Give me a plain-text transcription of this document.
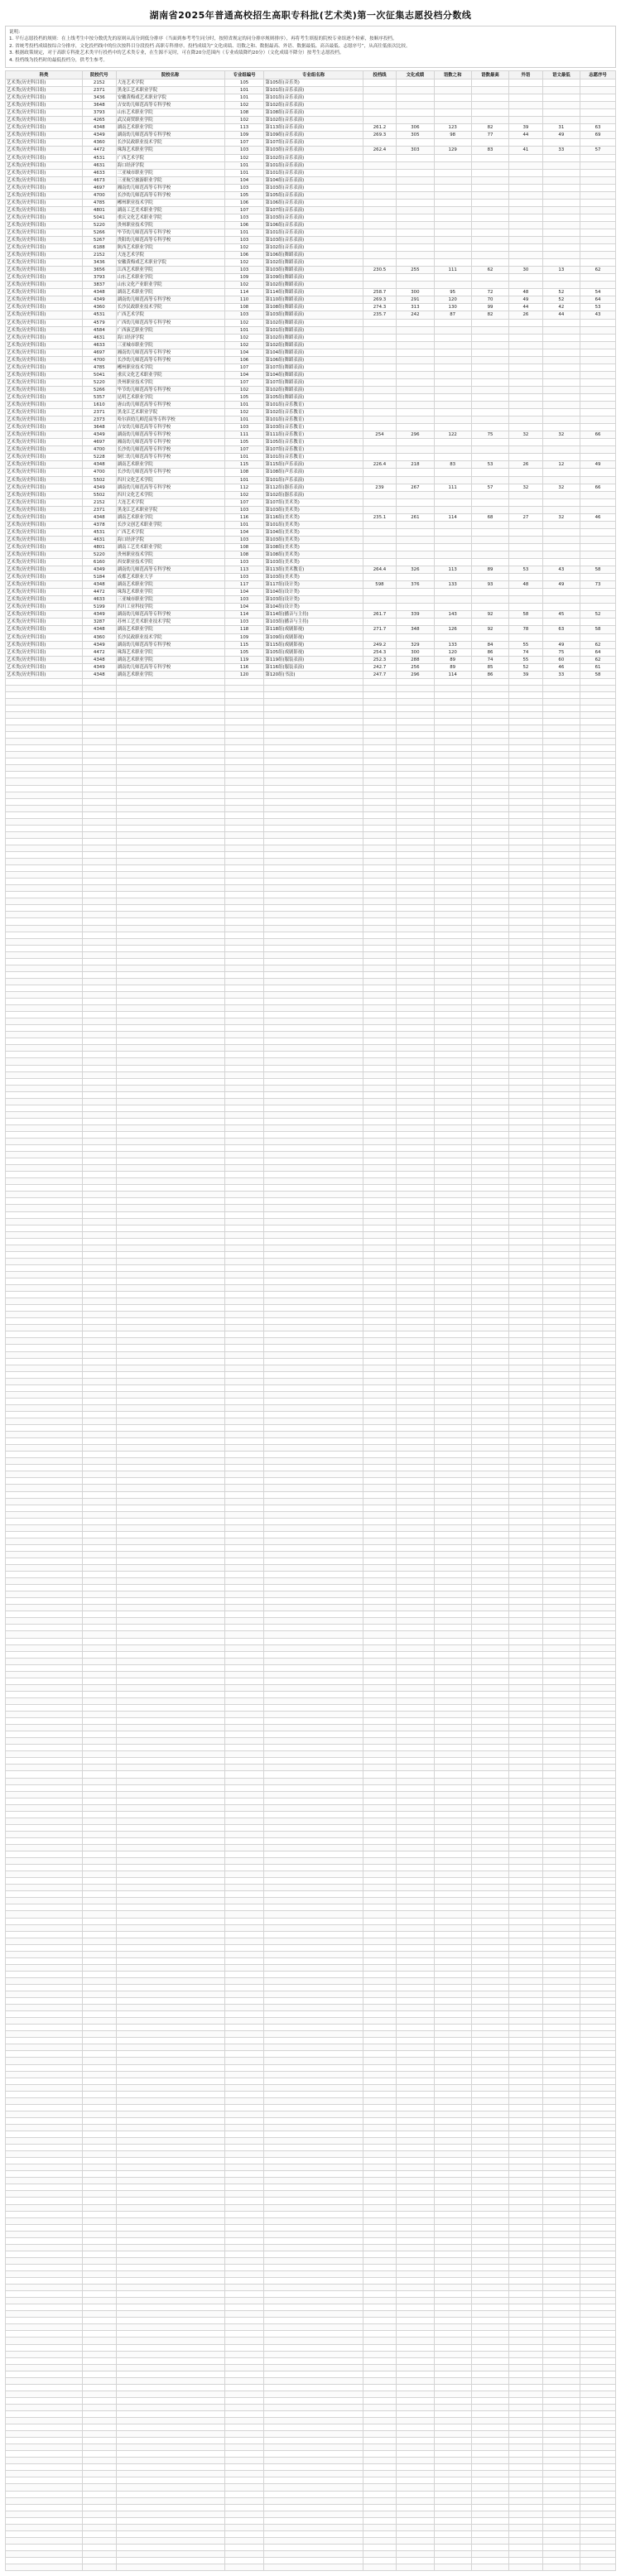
湖南省2025年普通高校招生高职专科批(艺术类)第一次征集志愿投档分数线

说明:

1. 平行志愿投档的规则：在上线考生中按分数优先的原则从高分到低分排序（当面到参考考生同分时，按照省规定的同分排序规则排序），再将考生填报的院校专业组逐个检索，按顺序投档。

2. 省统考投档成绩按综合分排序，文化投档线中的位次按科目分段投档 高职专科排序。投档成绩为“文化成绩、语数之和、数据最高、外语、数据最低、高音最低、志愿序号”，从高往低依次比较。

3. 根据政策规定，对于高职专科批艺术类平行投档中的艺术类专业，在生源不足时，可在降20分范围内（专业成绩降约20分）（文化成绩不降分）按考生志愿投档。

4. 投档线为投档时的最低投档分，供考生参考。

科类	院校代号	院校名称	专业组编号	专业组名称	投档线	文化成绩	语数之和	语数最高	外语	语文最低	志愿序号
艺术类(历史科目组)	2152	大连艺术学院	105	第105组(音乐类)							
艺术类(历史科目组)	2371	黑龙江艺术职业学院	101	第101组(音乐表演)							
艺术类(历史科目组)	3436	安徽黄梅戏艺术职业学院	101	第101组(音乐表演)							
艺术类(历史科目组)	3648	吉安幼儿师范高等专科学校	102	第102组(音乐表演)							
艺术类(历史科目组)	3793	山东艺术职业学院	108	第108组(音乐表演)							
艺术类(历史科目组)	4265	武汉商贸职业学院	102	第102组(音乐表演)							
艺术类(历史科目组)	4348	湖南艺术职业学院	113	第113组(音乐表演)	261.2	306	123	82	39	31	63
艺术类(历史科目组)	4349	湖南幼儿师范高等专科学校	109	第109组(音乐表演)	269.3	305	98	77	44	49	69
艺术类(历史科目组)	4360	长沙民政职业技术学院	107	第107组(音乐表演)							
艺术类(历史科目组)	4472	珠海艺术职业学院	103	第103组(音乐表演)	262.4	303	129	83	41	33	57
艺术类(历史科目组)	4531	广西艺术学院	102	第102组(音乐表演)							
艺术类(历史科目组)	4631	海口经济学院	101	第101组(音乐表演)							
艺术类(历史科目组)	4633	三亚城市职业学院	101	第101组(音乐表演)							
艺术类(历史科目组)	4673	三亚航空旅游职业学院	104	第104组(音乐表演)							
艺术类(历史科目组)	4697	湘南幼儿师范高等专科学校	103	第103组(音乐表演)							
艺术类(历史科目组)	4700	长沙幼儿师范高等专科学校	105	第105组(音乐表演)							
艺术类(历史科目组)	4785	郴州职业技术学院	106	第106组(音乐表演)							
艺术类(历史科目组)	4801	湖南工艺美术职业学院	107	第107组(音乐表演)							
艺术类(历史科目组)	5041	重庆文化艺术职业学院	103	第103组(音乐表演)							
艺术类(历史科目组)	5220	贵州职业技术学院	106	第106组(音乐表演)							
艺术类(历史科目组)	5266	毕节幼儿师范高等专科学校	101	第101组(音乐表演)							
艺术类(历史科目组)	5267	贵阳幼儿师范高等专科学校	103	第103组(音乐表演)							
艺术类(历史科目组)	6188	陕西艺术职业学院	102	第102组(音乐表演)							
艺术类(历史科目组)	2152	大连艺术学院	106	第106组(舞蹈表演)							
艺术类(历史科目组)	3436	安徽黄梅戏艺术职业学院	102	第102组(舞蹈表演)							
艺术类(历史科目组)	3656	江西艺术职业学院	103	第103组(舞蹈表演)	230.5	255	111	62	30	13	62
艺术类(历史科目组)	3793	山东艺术职业学院	109	第109组(舞蹈表演)							
艺术类(历史科目组)	3837	山东文化产业职业学院	102	第102组(舞蹈表演)							
艺术类(历史科目组)	4348	湖南艺术职业学院	114	第114组(舞蹈表演)	258.7	300	95	72	48	52	54
艺术类(历史科目组)	4349	湖南幼儿师范高等专科学校	110	第110组(舞蹈表演)	269.3	291	120	70	49	52	64
艺术类(历史科目组)	4360	长沙民政职业技术学院	108	第108组(舞蹈表演)	274.3	313	130	99	44	42	53
艺术类(历史科目组)	4531	广西艺术学院	103	第103组(舞蹈表演)	235.7	242	87	82	26	44	43
艺术类(历史科目组)	4579	广西幼儿师范高等专科学校	102	第102组(舞蹈表演)							
艺术类(历史科目组)	4584	广西演艺职业学院	101	第101组(舞蹈表演)							
艺术类(历史科目组)	4631	海口经济学院	102	第102组(舞蹈表演)							
艺术类(历史科目组)	4633	三亚城市职业学院	102	第102组(舞蹈表演)							
艺术类(历史科目组)	4697	湘南幼儿师范高等专科学校	104	第104组(舞蹈表演)							
艺术类(历史科目组)	4700	长沙幼儿师范高等专科学校	106	第106组(舞蹈表演)							
艺术类(历史科目组)	4785	郴州职业技术学院	107	第107组(舞蹈表演)							
艺术类(历史科目组)	5041	重庆文化艺术职业学院	104	第104组(舞蹈表演)							
艺术类(历史科目组)	5220	贵州职业技术学院	107	第107组(舞蹈表演)							
艺术类(历史科目组)	5266	毕节幼儿师范高等专科学校	102	第102组(舞蹈表演)							
艺术类(历史科目组)	5357	昆明艺术职业学院	105	第105组(舞蹈表演)							
艺术类(历史科目组)	1610	唐山幼儿师范高等专科学校	101	第101组(音乐教育)							
艺术类(历史科目组)	2371	黑龙江艺术职业学院	102	第102组(音乐教育)							
艺术类(历史科目组)	2373	哈尔滨幼儿师范高等专科学校	101	第101组(音乐教育)							
艺术类(历史科目组)	3648	吉安幼儿师范高等专科学校	103	第103组(音乐教育)							
艺术类(历史科目组)	4349	湖南幼儿师范高等专科学校	111	第111组(音乐教育)	254	296	122	75	32	32	66
艺术类(历史科目组)	4697	湘南幼儿师范高等专科学校	105	第105组(音乐教育)							
艺术类(历史科目组)	4700	长沙幼儿师范高等专科学校	107	第107组(音乐教育)							
艺术类(历史科目组)	5228	铜仁幼儿师范高等专科学校	101	第101组(音乐教育)							
艺术类(历史科目组)	4348	湖南艺术职业学院	115	第115组(声乐表演)	226.4	218	83	53	26	12	49
艺术类(历史科目组)	4700	长沙幼儿师范高等专科学校	108	第108组(声乐表演)							
艺术类(历史科目组)	5502	四川文化艺术学院	101	第101组(声乐表演)							
艺术类(历史科目组)	4349	湖南幼儿师范高等专科学校	112	第112组(器乐表演)	239	267	111	57	32	32	66
艺术类(历史科目组)	5502	四川文化艺术学院	102	第102组(器乐表演)							
艺术类(历史科目组)	2152	大连艺术学院	107	第107组(美术类)							
艺术类(历史科目组)	2371	黑龙江艺术职业学院	103	第103组(美术类)							
艺术类(历史科目组)	4348	湖南艺术职业学院	116	第116组(美术类)	235.1	261	114	68	27	32	46
艺术类(历史科目组)	4378	长沙文创艺术职业学院	101	第101组(美术类)							
艺术类(历史科目组)	4531	广西艺术学院	104	第104组(美术类)							
艺术类(历史科目组)	4631	海口经济学院	103	第103组(美术类)							
艺术类(历史科目组)	4801	湖南工艺美术职业学院	108	第108组(美术类)							
艺术类(历史科目组)	5220	贵州职业技术学院	108	第108组(美术类)							
艺术类(历史科目组)	6160	西安职业技术学院	103	第103组(美术类)							
艺术类(历史科目组)	4349	湖南幼儿师范高等专科学校	113	第113组(美术教育)	264.4	326	113	89	53	43	58
艺术类(历史科目组)	5184	成都艺术职业大学	103	第103组(美术类)							
艺术类(历史科目组)	4348	湖南艺术职业学院	117	第117组(设计类)	598	376	133	93	48	49	73
艺术类(历史科目组)	4472	珠海艺术职业学院	104	第104组(设计类)							
艺术类(历史科目组)	4633	三亚城市职业学院	103	第103组(设计类)							
艺术类(历史科目组)	5199	四川工业科技学院	104	第104组(设计类)							
艺术类(历史科目组)	4349	湖南幼儿师范高等专科学校	114	第114组(播音与主持)	261.7	339	143	92	58	45	52
艺术类(历史科目组)	3287	苏州工艺美术职业技术学院	103	第103组(播音与主持)							
艺术类(历史科目组)	4348	湖南艺术职业学院	118	第118组(戏剧影视)	271.7	348	126	92	78	63	58
艺术类(历史科目组)	4360	长沙民政职业技术学院	109	第109组(戏剧影视)							
艺术类(历史科目组)	4349	湖南幼儿师范高等专科学校	115	第115组(戏剧影视)	249.2	329	133	84	55	49	62
艺术类(历史科目组)	4472	珠海艺术职业学院	105	第105组(戏剧影视)	254.3	300	120	86	74	75	64
艺术类(历史科目组)	4348	湖南艺术职业学院	119	第119组(服装表演)	252.3	288	89	74	55	60	62
艺术类(历史科目组)	4349	湖南幼儿师范高等专科学校	116	第116组(服装表演)	242.7	256	89	85	52	46	61
艺术类(历史科目组)	4348	湖南艺术职业学院	120	第120组(书法)	247.7	296	114	86	39	33	58
